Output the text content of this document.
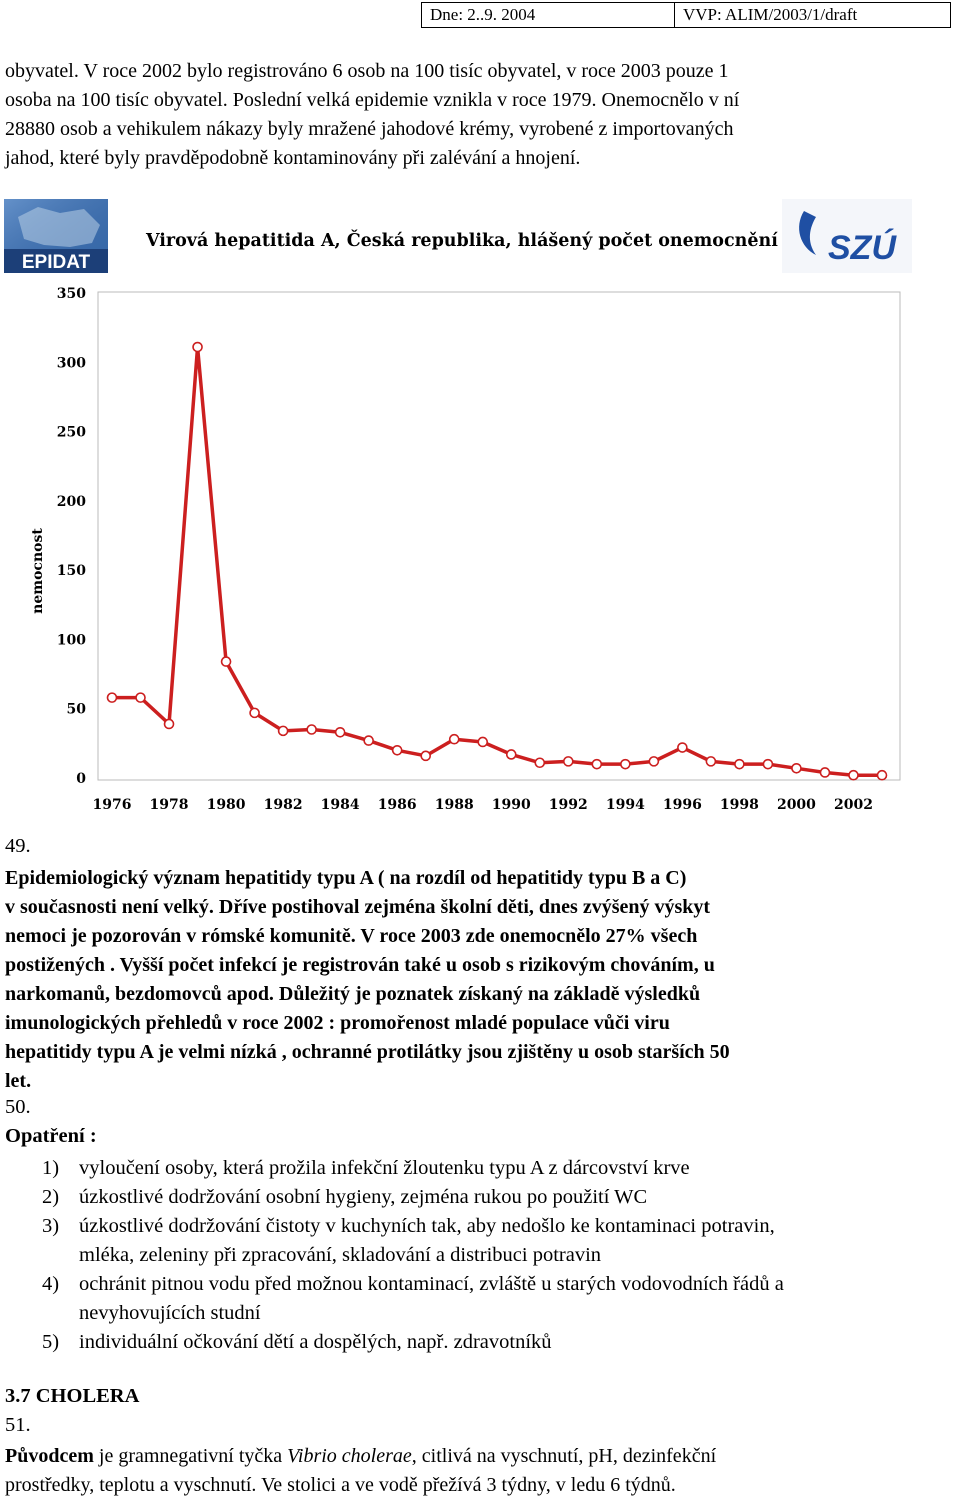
Dne: 2..9. 2004	VVP: ALIM/2003/1/draft
obyvatel. V roce 2002 bylo registrováno 6 osob na 100 tisíc obyvatel, v roce 2003 pouze 1
osoba na 100 tisíc obyvatel. Poslední velká epidemie vznikla v roce 1979. Onemocnělo v ní
28880 osob a vehikulem nákazy byly mražené jahodové krémy, vyrobené z importovaných
jahod, které byly pravděpodobně kontaminovány při zalévání a hnojení.
EPIDAT	SZÚ
Virová hepatitida A, Česká republika, hlášený počet onemocnění
0
50
100
150
200
250
300
350
1976 1978 1980 1982 1984 1986 1988 1990 1992 1994 1996 1998 2000 2002
nemocnost
49.
Epidemiologický význam hepatitidy typu A ( na rozdíl od hepatitidy typu B a C)
v současnosti není velký. Dříve postihoval zejména školní děti, dnes zvýšený výskyt
nemoci je pozorován v rómské komunitě. V roce 2003 zde onemocnělo 27% všech
postižených . Vyšší počet infekcí je registrován také u osob s rizikovým chováním, u
narkomanů, bezdomovců apod. Důležitý je poznatek získaný na základě výsledků
imunologických přehledů v roce 2002 : promořenost mladé populace vůči viru
hepatitidy typu A je velmi nízká , ochranné protilátky jsou zjištěny u osob starších 50
let.
50.
Opatření :
1) vyloučení osoby, která prožila infekční žloutenku typu A z dárcovství krve
2) úzkostlivé dodržování osobní hygieny, zejména rukou po použití WC
3) úzkostlivé dodržování čistoty v kuchyních tak, aby nedošlo ke kontaminaci potravin,
mléka, zeleniny při zpracování, skladování a distribuci potravin
4) ochránit pitnou vodu před možnou kontaminací, zvláště u starých vodovodních řádů a
nevyhovujících studní
5) individuální očkování dětí a dospělých, např. zdravotníků
3.7 CHOLERA
51.
Původcem je gramnegativní tyčka Vibrio cholerae, citlivá na vyschnutí, pH, dezinfekční
prostředky, teplotu a vyschnutí. Ve stolici a ve vodě přežívá 3 týdny, v ledu 6 týdnů.
